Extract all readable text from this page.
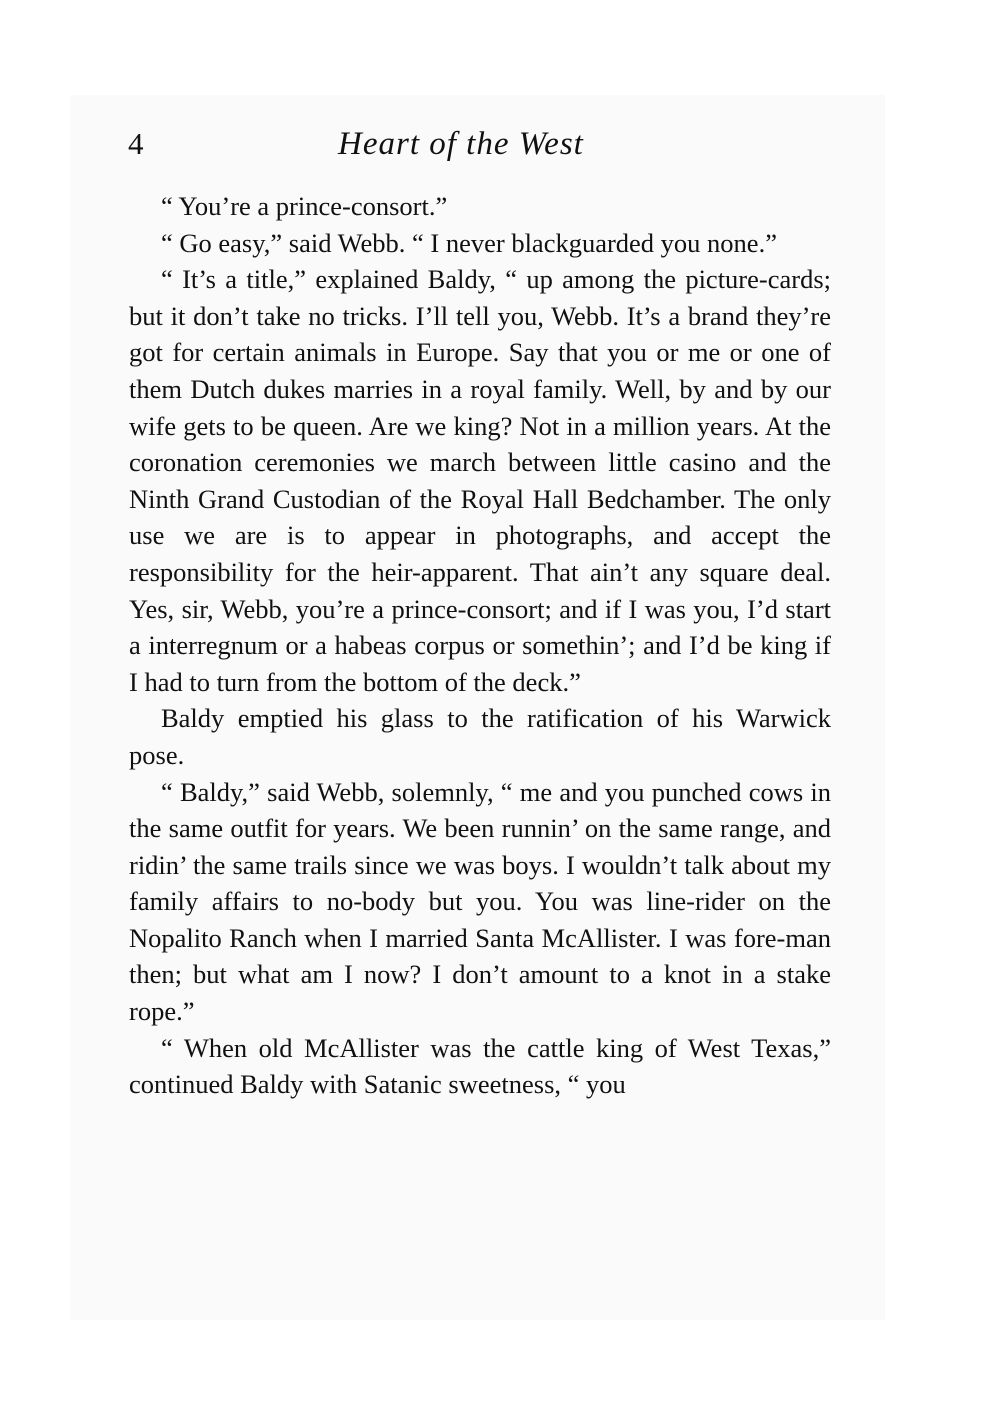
4	Heart of the West

“ You’re a prince-consort.”

“ Go easy,” said Webb. “ I never blackguarded you none.”

“ It’s a title,” explained Baldy, “ up among the picture-cards; but it don’t take no tricks. I’ll tell you, Webb. It’s a brand they’re got for certain animals in Europe. Say that you or me or one of them Dutch dukes marries in a royal family. Well, by and by our wife gets to be queen. Are we king? Not in a million years. At the coronation ceremonies we march between little casino and the Ninth Grand Custodian of the Royal Hall Bedchamber. The only use we are is to appear in photographs, and accept the responsibility for the heir-apparent. That ain’t any square deal. Yes, sir, Webb, you’re a prince-consort; and if I was you, I’d start a interregnum or a habeas corpus or somethin’; and I’d be king if I had to turn from the bottom of the deck.”

Baldy emptied his glass to the ratification of his Warwick pose.

“ Baldy,” said Webb, solemnly, “ me and you punched cows in the same outfit for years. We been runnin’ on the same range, and ridin’ the same trails since we was boys. I wouldn’t talk about my family affairs to no-body but you. You was line-rider on the Nopalito Ranch when I married Santa McAllister. I was fore-man then; but what am I now? I don’t amount to a knot in a stake rope.”

“ When old McAllister was the cattle king of West Texas,” continued Baldy with Satanic sweetness, “ you
